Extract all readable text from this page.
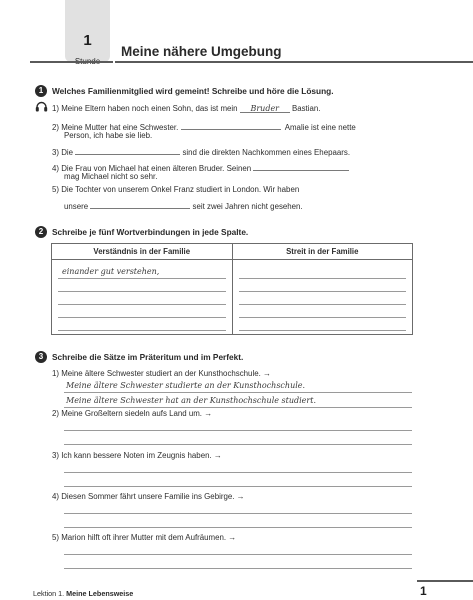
1
Meine nähere Umgebung
1	Welches Familienmitglied wird gemeint! Schreibe und höre die Lösung.
1) Meine Eltern haben noch einen Sohn, das ist mein Bruder Bastian.
2) Meine Mutter hat eine Schwester.	Amalie ist eine nette
Person, ich habe sie lieb.
3) Die	sind die direkten Nachkommen eines Ehepaars.
4) Die Frau von Michael hat einen älteren Bruder. Seinen
mag Michael nicht so sehr.
5) Die Tochter von unserem Onkel Franz studiert in London. Wir haben
unsere	seit zwei Jahren nicht gesehen.
2	Schreibe je fünf Wortverbindungen in jede Spalte.
Verständnis in der Familie	Streit in der Familie

einander gut verstehen,	

3	Schreibe die Sätze im Präteritum und im Perfekt.
1) Meine ältere Schwester studiert an der Kunsthochschule. →
Meine ältere Schwester studierte an der Kunsthochschule.
Meine ältere Schwester hat an der Kunsthochschule studiert.
2) Meine Großeltern siedeln aufs Land um. →
3) Ich kann bessere Noten im Zeugnis haben. →
4) Diesen Sommer fährt unsere Familie ins Gebirge. →
5) Marion hilft oft ihrer Mutter mit dem Aufräumen. →
Lektion 1. Meine Lebensweise	1
